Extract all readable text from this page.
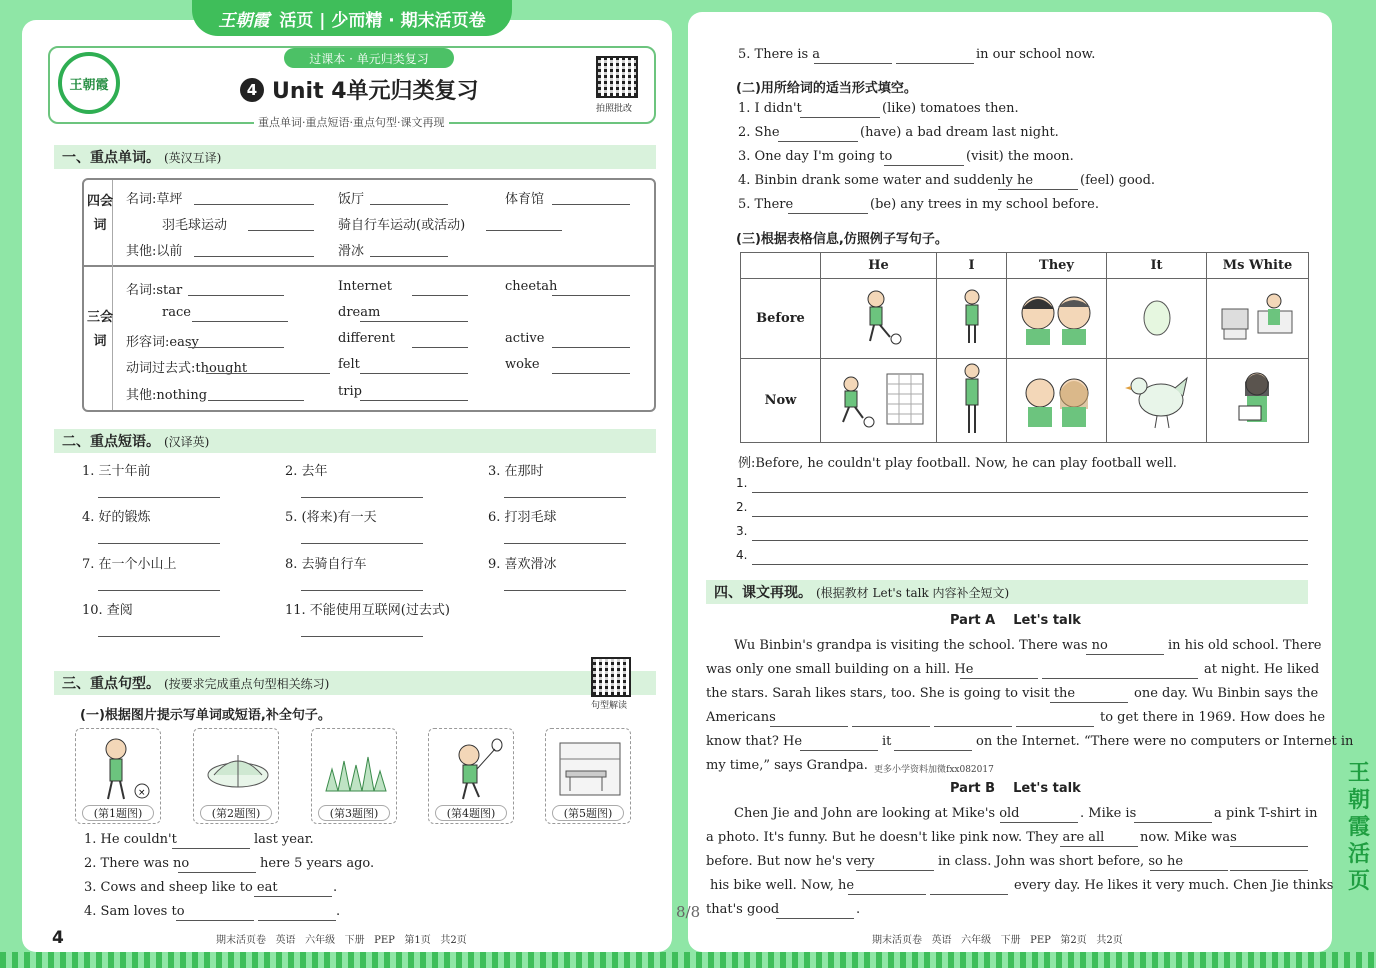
王朝霞 活页 | 少而精 · 期末活页卷
王朝霞
过课本 · 单元归类复习
4 Unit 4单元归类复习
重点单词·重点短语·重点句型·课文再现
拍照批改
一、重点单词。 (英汉互译)
四会词
三会词
名词:草坪	饭厅	体育馆
羽毛球运动	骑自行车运动(或活动)
其他:以前	滑冰
名词:star	Internet	cheetah
race	dream
形容词:easy	different	active
动词过去式:thought	felt	woke
其他:nothing	trip
二、重点短语。 (汉译英)
1. 三十年前	2. 去年	3. 在那时
4. 好的锻炼	5. (将来)有一天	6. 打羽毛球
7. 在一个小山上	8. 去骑自行车	9. 喜欢滑冰
10. 查阅	11. 不能使用互联网(过去式)
三、重点句型。 (按要求完成重点句型相关练习)
句型解读
(一)根据图片提示写单词或短语,补全句子。
×
(第1题图)	(第2题图)	(第3题图)	(第4题图)	(第5题图)
1. He couldn't
2. There was no
3. Cows and sheep like to eat
4. Sam loves to
last year.
here 5 years ago.
.
.
5. There is a	in our school now.
(二)用所给词的适当形式填空。
1. I didn't	(like) tomatoes then.
2. She	(have) a bad dream last night.
3. One day I'm going to	(visit) the moon.
4. Binbin drank some water and suddenly he	(feel) good.
5. There	(be) any trees in my school before.
(三)根据表格信息,仿照例子写句子。
	He	I	They	It	Ms White
Before					
Now					
例:Before, he couldn't play football. Now, he can play football well.
1.
2.
3.
4.
四、课文再现。 (根据教材 Let's talk 内容补全短文)
Part A    Let's talk
Wu Binbin's grandpa is visiting the school. There was no	in his old school. There
was only one small building on a hill. He	at night. He liked
the stars. Sarah likes stars, too. She is going to visit the	one day. Wu Binbin says the
Americans	to get there in 1969. How does he
know that? He	it	on the Internet. “There were no computers or Internet in
my time,” says Grandpa.
Chen Jie and John are looking at Mike's old	. Mike is	a pink T-shirt in
a photo. It's funny. But he doesn't like pink now. They are all	now. Mike was
before. But now he's very	in class. John was short before, so he
his bike well. Now, he	every day. He likes it very much. Chen Jie thinks
that's good	.
Part B    Let's talk
更多小学资料加微fxx082017
4	期末活页卷   英语   六年级   下册   PEP   第1页   共2页	期末活页卷   英语   六年级   下册   PEP   第2页   共2页
8/8
王朝霞活页
